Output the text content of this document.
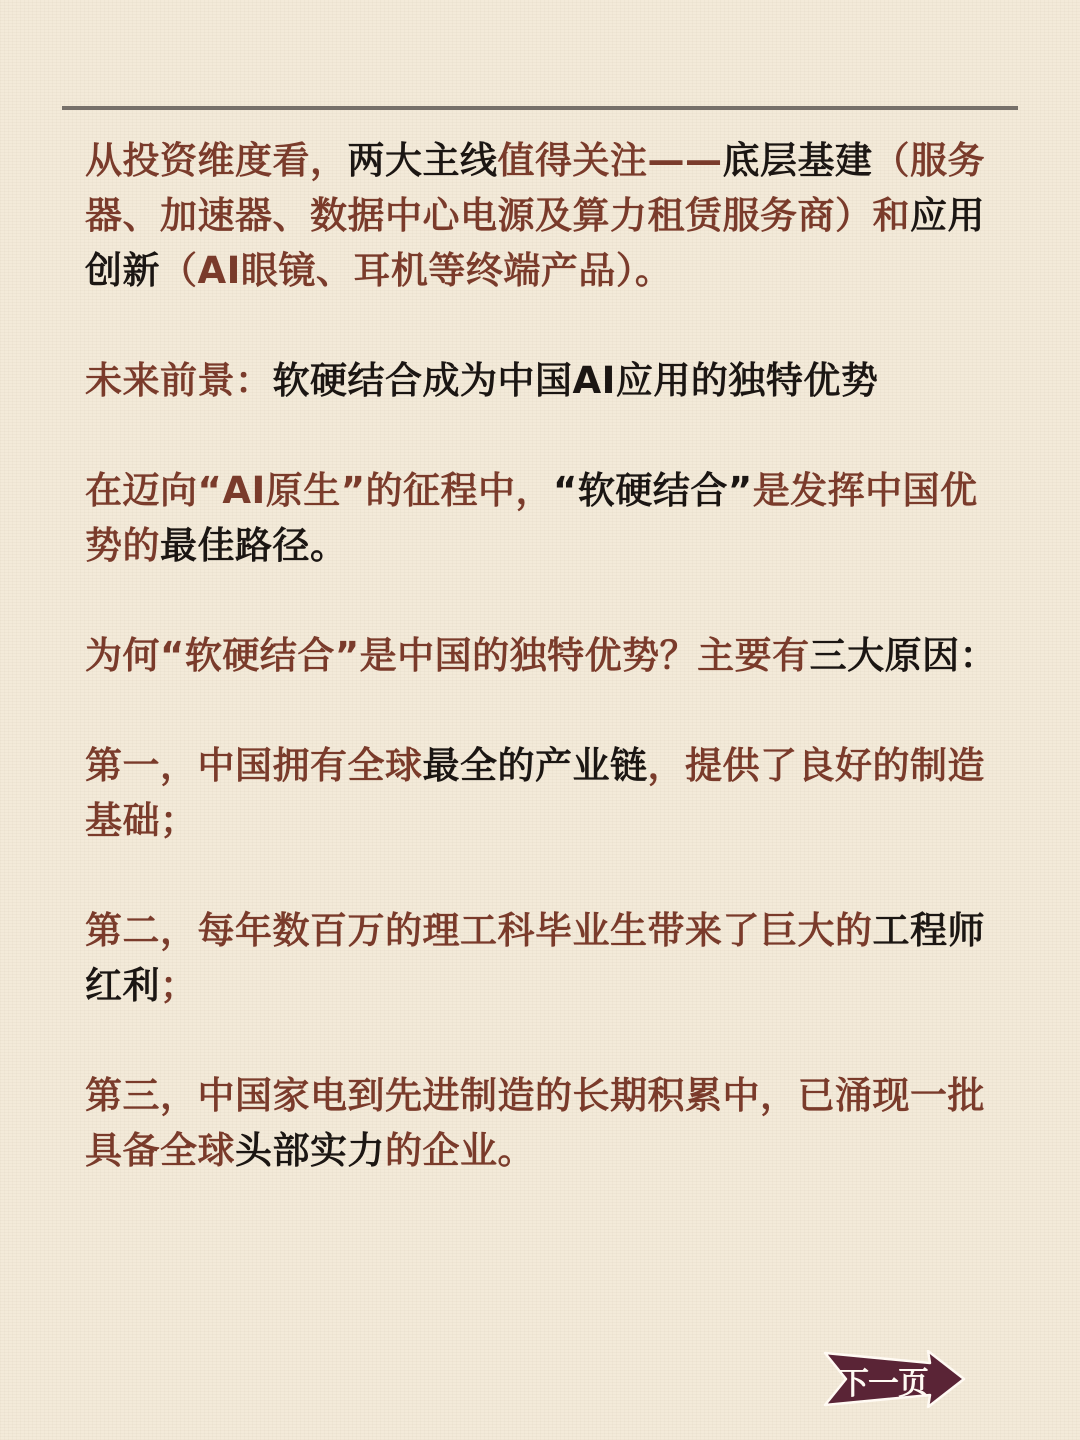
从投资维度看，两大主线值得关注——底层基建（服务器、加速器、数据中心电源及算力租赁服务商）和应用创新（AI眼镜、耳机等终端产品）。

未来前景：软硬结合成为中国AI应用的独特优势

在迈向“AI原生”的征程中，“软硬结合”是发挥中国优势的最佳路径。

为何“软硬结合”是中国的独特优势？主要有三大原因：

第一，中国拥有全球最全的产业链，提供了良好的制造基础；

第二，每年数百万的理工科毕业生带来了巨大的工程师红利；

第三，中国家电到先进制造的长期积累中，已涌现一批具备全球头部实力的企业。

下一页
